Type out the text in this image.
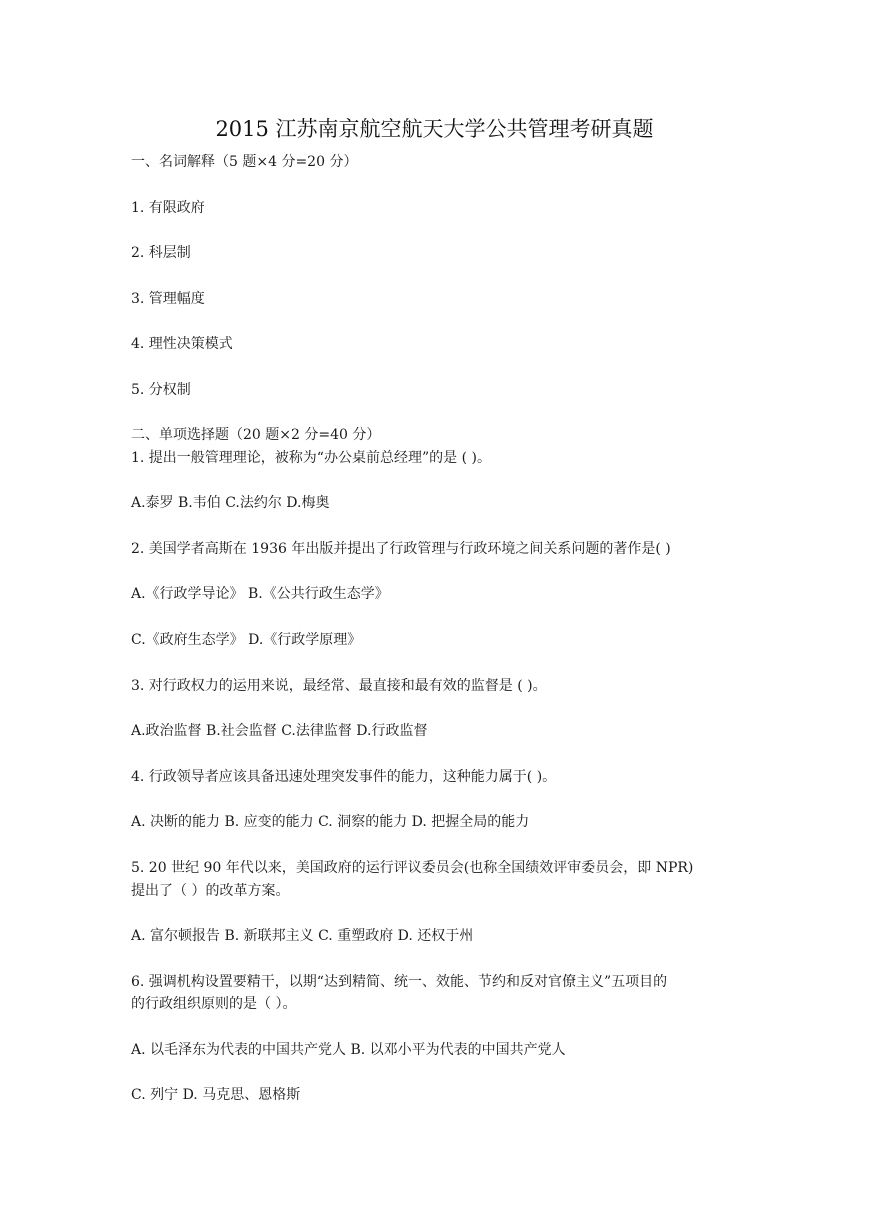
2015 江苏南京航空航天大学公共管理考研真题
一、名词解释（5 题×4 分=20 分）
1. 有限政府
2. 科层制
3. 管理幅度
4. 理性决策模式
5. 分权制
二、单项选择题（20 题×2 分=40 分）
1. 提出一般管理理论，被称为“办公桌前总经理”的是 ( )。
A.泰罗 B.韦伯 C.法约尔 D.梅奥
2. 美国学者高斯在 1936 年出版并提出了行政管理与行政环境之间关系问题的著作是( )
A.《行政学导论》 B.《公共行政生态学》
C.《政府生态学》 D.《行政学原理》
3. 对行政权力的运用来说，最经常、最直接和最有效的监督是 ( )。
A.政治监督 B.社会监督 C.法律监督 D.行政监督
4. 行政领导者应该具备迅速处理突发事件的能力，这种能力属于( )。
A. 决断的能力 B. 应变的能力 C. 洞察的能力 D. 把握全局的能力
5. 20 世纪 90 年代以来，美国政府的运行评议委员会(也称全国绩效评审委员会，即 NPR)
提出了（ ）的改革方案。
A. 富尔顿报告 B. 新联邦主义 C. 重塑政府 D. 还权于州
6. 强调机构设置要精干，以期“达到精简、统一、效能、节约和反对官僚主义”五项目的
的行政组织原则的是（ ）。
A. 以毛泽东为代表的中国共产党人 B. 以邓小平为代表的中国共产党人
C. 列宁 D. 马克思、恩格斯
